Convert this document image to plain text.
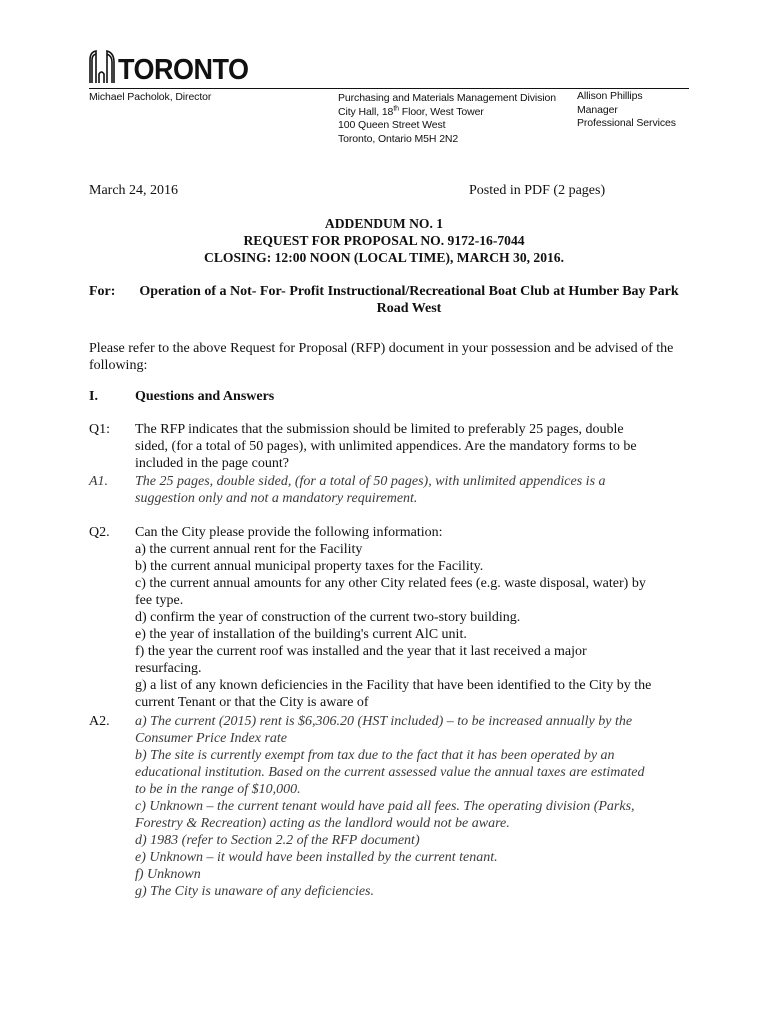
TORONTO
Michael Pacholok, Director	Purchasing and Materials Management Division
City Hall, 18th Floor, West Tower
100 Queen Street West
Toronto, Ontario M5H 2N2
Allison Phillips
Manager
Professional Services
March 24, 2016	Posted in PDF (2 pages)
ADDENDUM NO. 1
REQUEST FOR PROPOSAL NO. 9172-16-7044
CLOSING: 12:00 NOON (LOCAL TIME), MARCH 30, 2016.
For: Operation of a Not- For- Profit Instructional/Recreational Boat Club at Humber Bay Park
Road West
Please refer to the above Request for Proposal (RFP) document in your possession and be advised of the
following:
I.	Questions and Answers
Q1: The RFP indicates that the submission should be limited to preferably 25 pages, double
sided, (for a total of 50 pages), with unlimited appendices. Are the mandatory forms to be
included in the page count?
A1. The 25 pages, double sided, (for a total of 50 pages), with unlimited appendices is a
suggestion only and not a mandatory requirement.
Q2. Can the City please provide the following information:
a) the current annual rent for the Facility
b) the current annual municipal property taxes for the Facility.
c) the current annual amounts for any other City related fees (e.g. waste disposal, water) by
fee type.
d) confirm the year of construction of the current two-story building.
e) the year of installation of the building's current AlC unit.
f) the year the current roof was installed and the year that it last received a major
resurfacing.
g) a list of any known deficiencies in the Facility that have been identified to the City by the
current Tenant or that the City is aware of
A2. a) The current (2015) rent is $6,306.20 (HST included) – to be increased annually by the
Consumer Price Index rate
b) The site is currently exempt from tax due to the fact that it has been operated by an
educational institution. Based on the current assessed value the annual taxes are estimated
to be in the range of $10,000.
c) Unknown – the current tenant would have paid all fees. The operating division (Parks,
Forestry & Recreation) acting as the landlord would not be aware.
d) 1983 (refer to Section 2.2 of the RFP document)
e) Unknown – it would have been installed by the current tenant.
f) Unknown
g) The City is unaware of any deficiencies.
